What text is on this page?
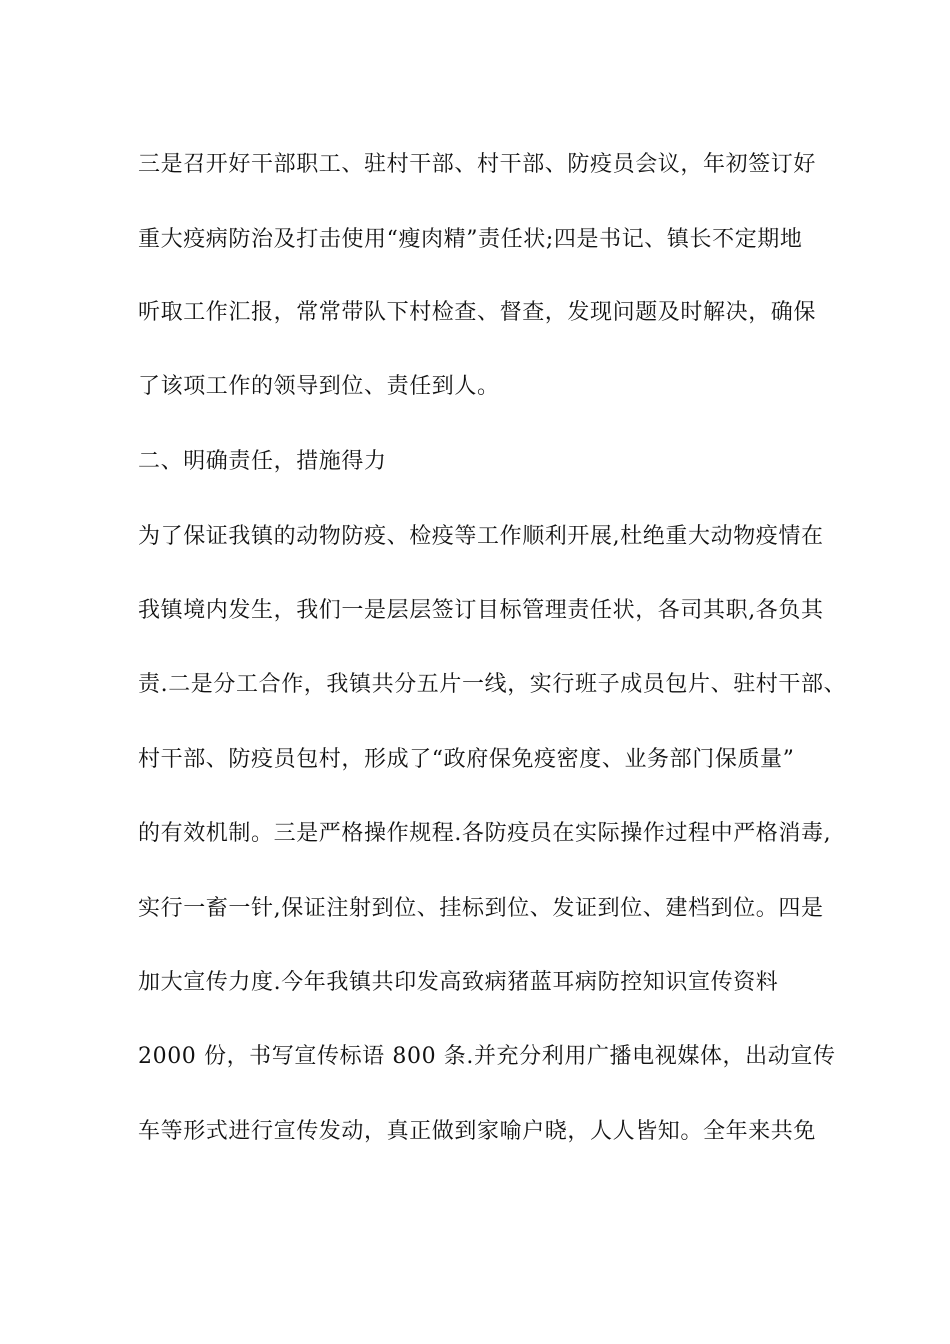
三是召开好干部职工、驻村干部、村干部、防疫员会议，年初签订好
重大疫病防治及打击使用“瘦肉精”责任状;四是书记、镇长不定期地
听取工作汇报，常常带队下村检查、督查，发现问题及时解决，确保
了该项工作的领导到位、责任到人。
二、明确责任，措施得力
为了保证我镇的动物防疫、检疫等工作顺利开展,杜绝重大动物疫情在
我镇境内发生，我们一是层层签订目标管理责任状，各司其职,各负其
责.二是分工合作，我镇共分五片一线，实行班子成员包片、驻村干部、
村干部、防疫员包村，形成了“政府保免疫密度、业务部门保质量”
的有效机制。三是严格操作规程.各防疫员在实际操作过程中严格消毒,
实行一畜一针,保证注射到位、挂标到位、发证到位、建档到位。四是
加大宣传力度.今年我镇共印发高致病猪蓝耳病防控知识宣传资料
2000 份，书写宣传标语 800 条.并充分利用广播电视媒体，出动宣传
车等形式进行宣传发动，真正做到家喻户晓，人人皆知。全年来共免
